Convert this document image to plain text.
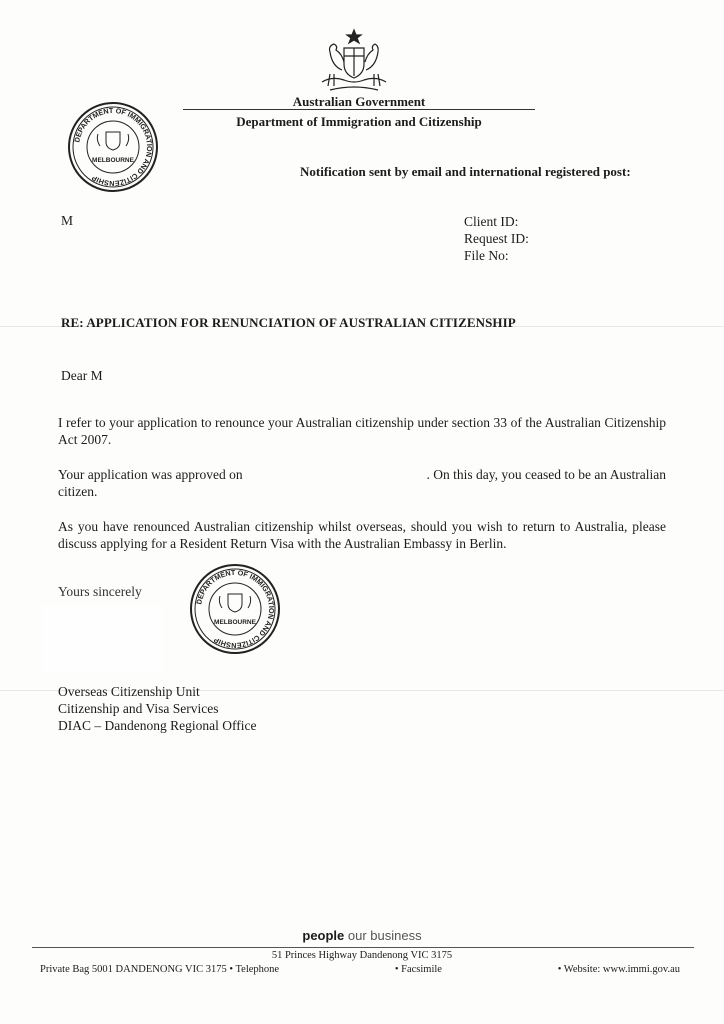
Australian Government
Department of Immigration and Citizenship
DEPARTMENT OF IMMIGRATION AND CITIZENSHIP
MELBOURNE
Notification sent by email and international registered post:
M	Client ID:
Request ID:
File No:
RE: APPLICATION FOR RENUNCIATION OF AUSTRALIAN CITIZENSHIP
Dear M
I refer to your application to renounce your Australian citizenship under section 33 of the Australian Citizenship Act 2007.
Your application was approved on	. On this day, you ceased to be an Australian
citizen.
As you have renounced Australian citizenship whilst overseas, should you wish to return to Australia, please discuss applying for a Resident Return Visa with the Australian Embassy in Berlin.
Yours sincerely
DEPARTMENT OF IMMIGRATION AND CITIZENSHIP
MELBOURNE
Overseas Citizenship Unit
Citizenship and Visa Services
DIAC – Dandenong Regional Office
people our business
51 Princes Highway Dandenong VIC 3175
Private Bag 5001 DANDENONG VIC 3175 • Telephone	• Facsimile	• Website: www.immi.gov.au
